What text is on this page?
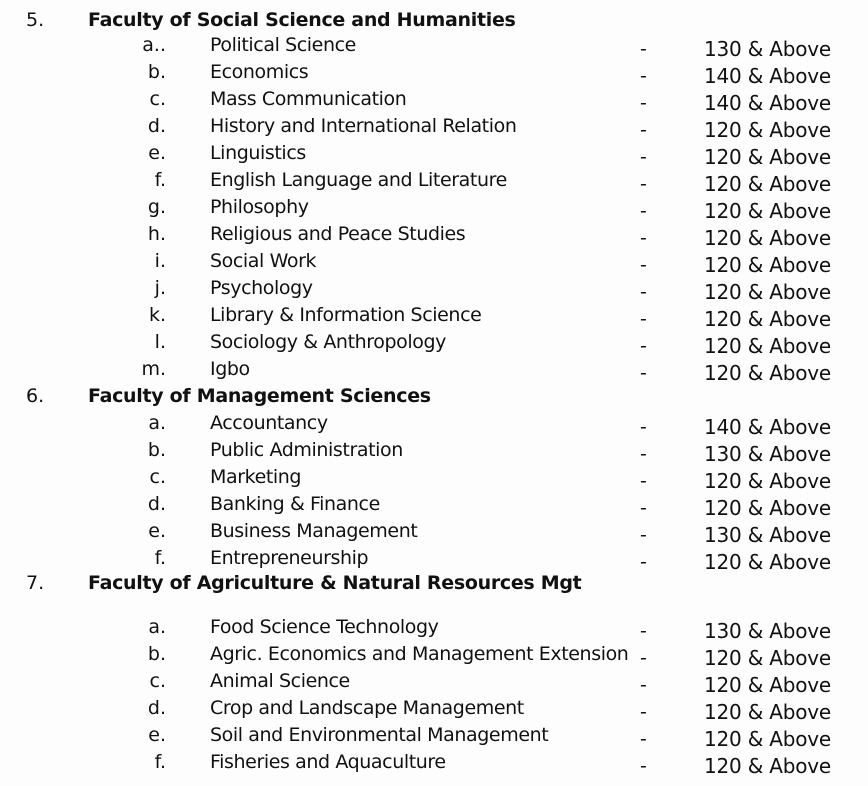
5. Faculty of Social Science and Humanities
a.. Political Science	-	130 & Above
b. Economics	-	140 & Above
c. Mass Communication	-	140 & Above
d. History and International Relation	-	120 & Above
e. Linguistics	-	120 & Above
f. English Language and Literature	-	120 & Above
g. Philosophy	-	120 & Above
h. Religious and Peace Studies	-	120 & Above
i. Social Work	-	120 & Above
j. Psychology	-	120 & Above
k. Library & Information Science	-	120 & Above
l. Sociology & Anthropology	-	120 & Above
m. Igbo	-	120 & Above
6. Faculty of Management Sciences
a. Accountancy	-	140 & Above
b. Public Administration	-	130 & Above
c. Marketing	-	120 & Above
d. Banking & Finance	-	120 & Above
e. Business Management	-	130 & Above
f. Entrepreneurship	-	120 & Above
7. Faculty of Agriculture & Natural Resources Mgt
a. Food Science Technology	-	130 & Above
b. Agric. Economics and Management Extension -	120 & Above
c. Animal Science	-	120 & Above
d. Crop and Landscape Management	-	120 & Above
e. Soil and Environmental Management	-	120 & Above
f. Fisheries and Aquaculture	-	120 & Above
